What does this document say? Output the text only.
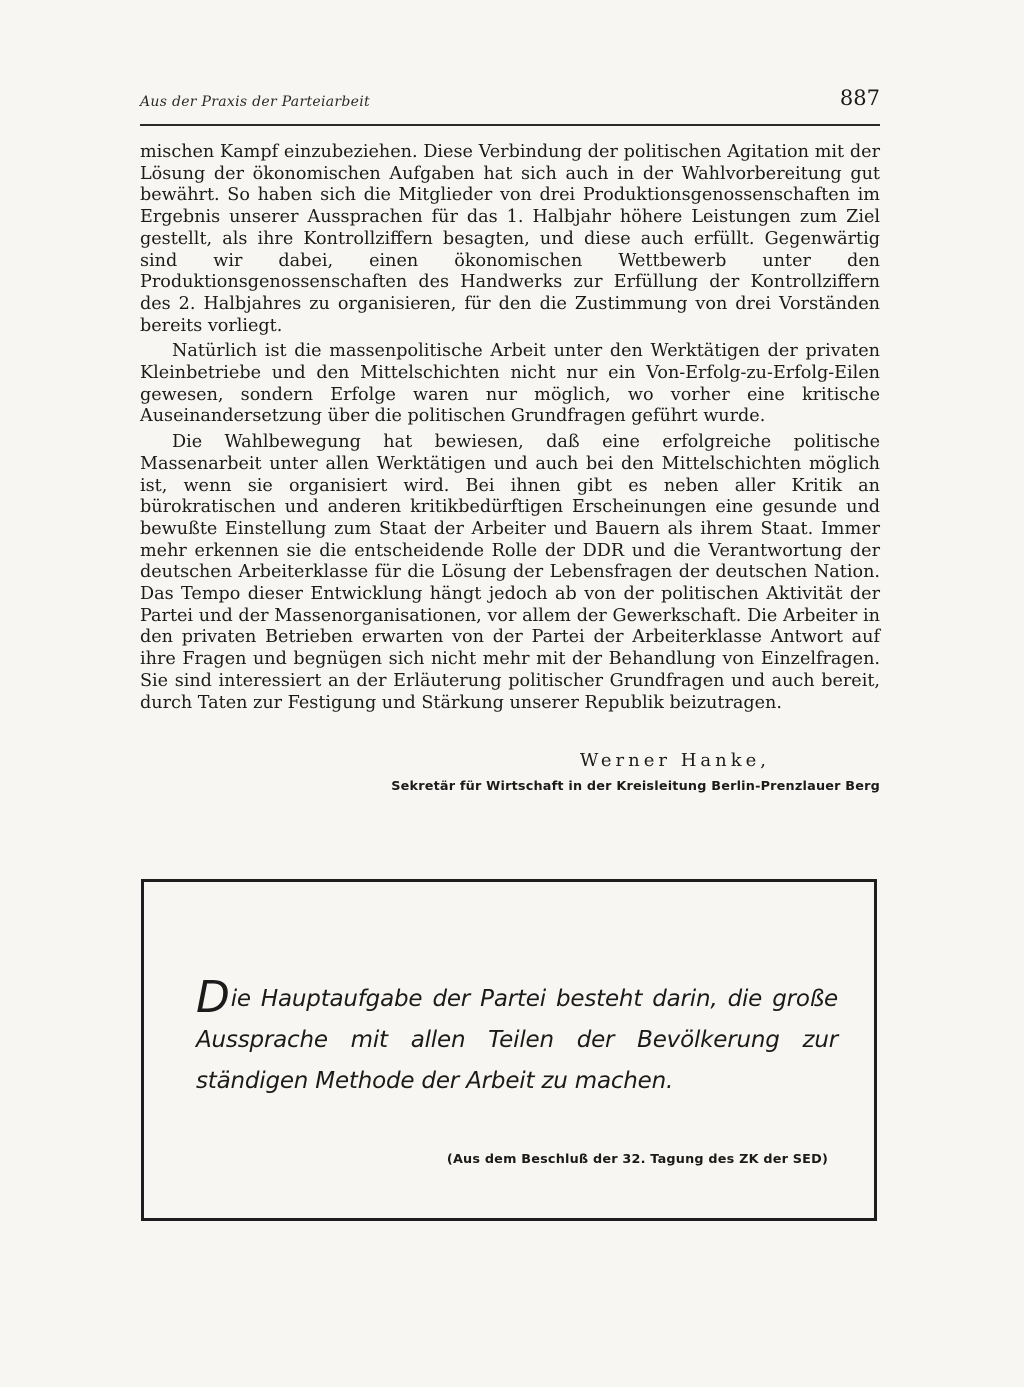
Aus der Praxis der Parteiarbeit	887

mischen Kampf einzubeziehen. Diese Verbindung der politischen Agitation mit der Lösung der ökonomischen Aufgaben hat sich auch in der Wahlvorbereitung gut bewährt. So haben sich die Mitglieder von drei Produktionsgenossenschaften im Ergebnis unserer Aussprachen für das 1. Halbjahr höhere Leistungen zum Ziel gestellt, als ihre Kontrollziffern besagten, und diese auch erfüllt. Gegenwärtig sind wir dabei, einen ökonomischen Wettbewerb unter den Produktionsgenossenschaften des Handwerks zur Erfüllung der Kontrollziffern des 2. Halbjahres zu organisieren, für den die Zustimmung von drei Vorständen bereits vorliegt.

Natürlich ist die massenpolitische Arbeit unter den Werktätigen der privaten Kleinbetriebe und den Mittelschichten nicht nur ein Von-Erfolg-zu-Erfolg-Eilen gewesen, sondern Erfolge waren nur möglich, wo vorher eine kritische Auseinandersetzung über die politischen Grundfragen geführt wurde.

Die Wahlbewegung hat bewiesen, daß eine erfolgreiche politische Massenarbeit unter allen Werktätigen und auch bei den Mittelschichten möglich ist, wenn sie organisiert wird. Bei ihnen gibt es neben aller Kritik an bürokratischen und anderen kritikbedürftigen Erscheinungen eine gesunde und bewußte Einstellung zum Staat der Arbeiter und Bauern als ihrem Staat. Immer mehr erkennen sie die entscheidende Rolle der DDR und die Verantwortung der deutschen Arbeiterklasse für die Lösung der Lebensfragen der deutschen Nation. Das Tempo dieser Entwicklung hängt jedoch ab von der politischen Aktivität der Partei und der Massenorganisationen, vor allem der Gewerkschaft. Die Arbeiter in den privaten Betrieben erwarten von der Partei der Arbeiterklasse Antwort auf ihre Fragen und begnügen sich nicht mehr mit der Behandlung von Einzelfragen. Sie sind interessiert an der Erläuterung politischer Grundfragen und auch bereit, durch Taten zur Festigung und Stärkung unserer Republik beizutragen.

Werner Hanke,
Sekretär für Wirtschaft in der Kreisleitung Berlin-Prenzlauer Berg
Die Hauptaufgabe der Partei besteht darin, die große Aussprache mit allen Teilen der Bevölkerung zur ständigen Methode der Arbeit zu machen.
(Aus dem Beschluß der 32. Tagung des ZK der SED)
